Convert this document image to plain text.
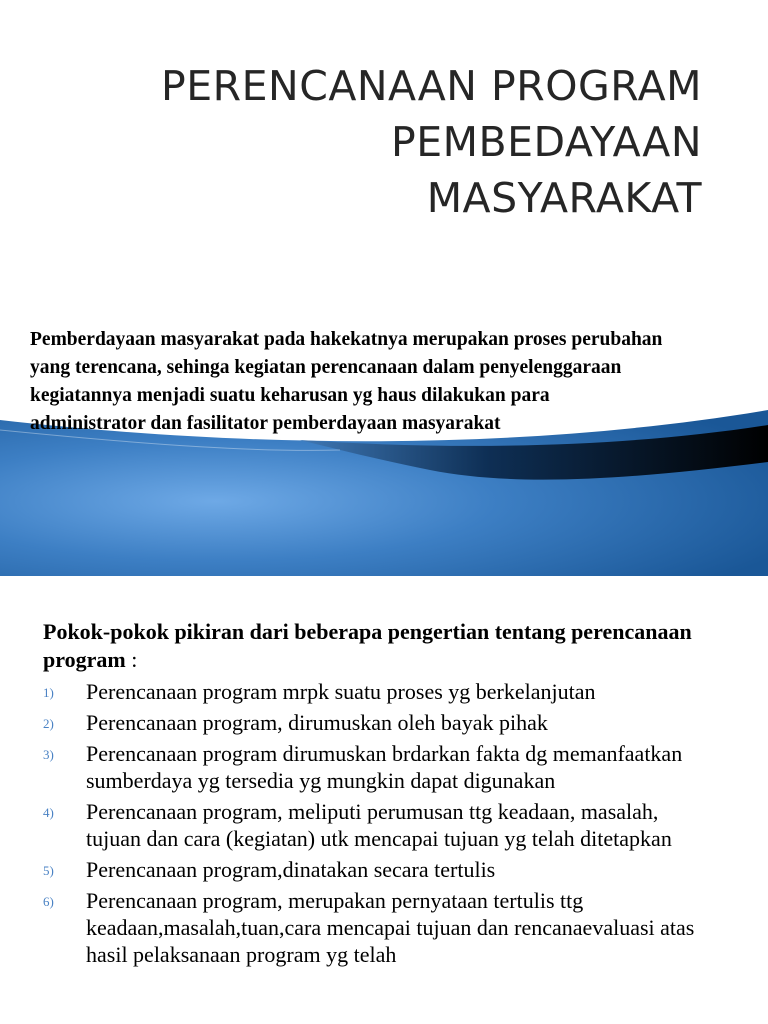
PERENCANAAN PROGRAM
PEMBEDAYAAN
MASYARAKAT

Pemberdayaan masyarakat pada hakekatnya merupakan proses perubahan yang terencana, sehinga kegiatan perencanaan dalam penyelenggaraan kegiatannya menjadi suatu keharusan yg haus dilakukan para administrator dan fasilitator pemberdayaan masyarakat

Pokok-pokok pikiran dari beberapa pengertian tentang perencanaan program :

1) Perencanaan program mrpk suatu proses yg berkelanjutan
2) Perencanaan program, dirumuskan oleh bayak pihak
3) Perencanaan program dirumuskan brdarkan fakta dg memanfaatkan sumberdaya yg tersedia yg mungkin dapat digunakan
4) Perencanaan program, meliputi perumusan ttg keadaan, masalah, tujuan dan cara (kegiatan) utk mencapai tujuan yg telah ditetapkan
5) Perencanaan program,dinatakan secara tertulis
6) Perencanaan program, merupakan pernyataan tertulis ttg keadaan,masalah,tuan,cara mencapai tujuan dan rencanaevaluasi atas hasil pelaksanaan program yg telah
